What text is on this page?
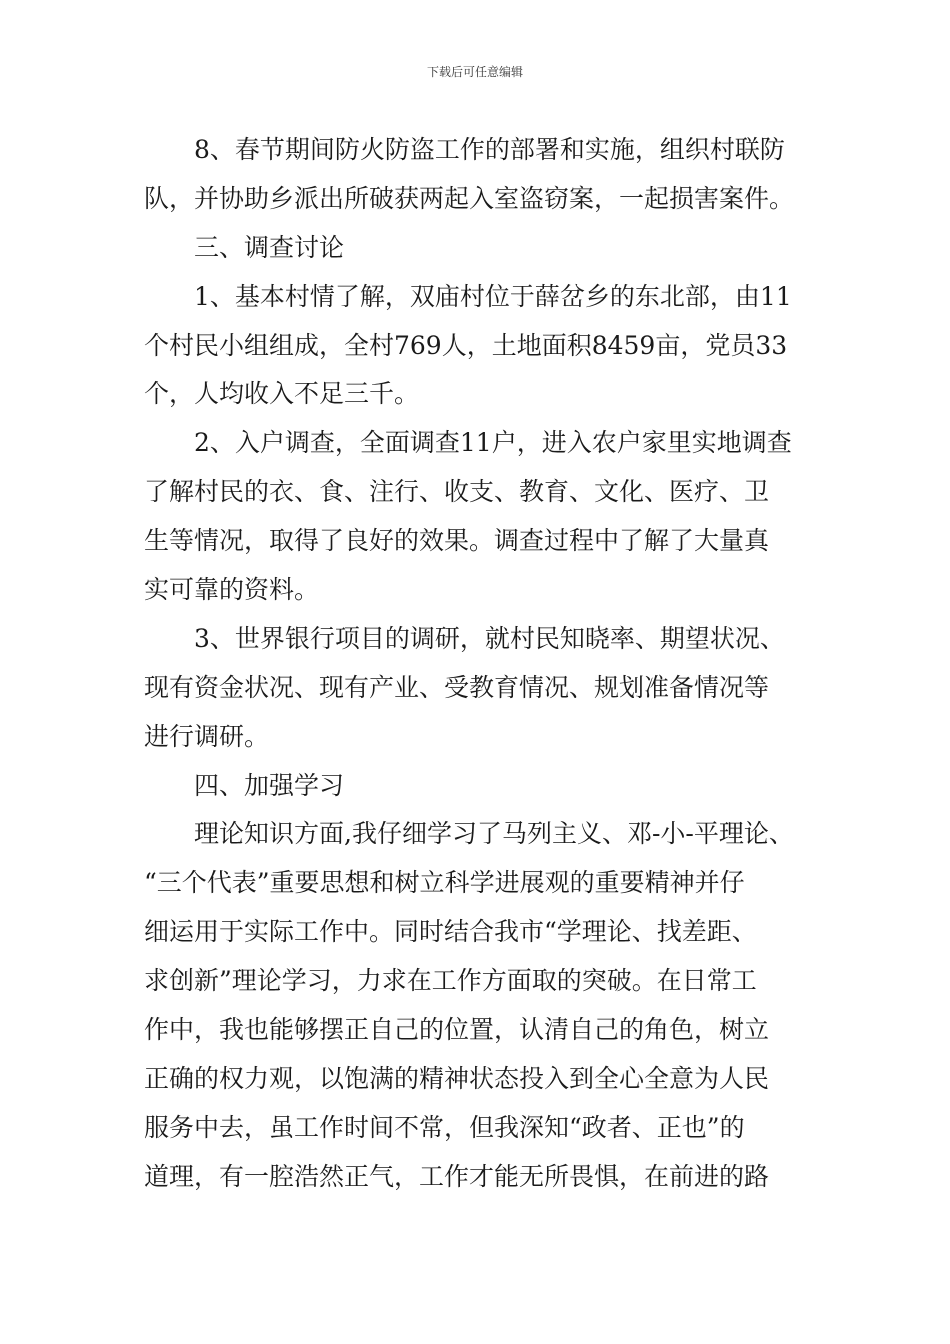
下载后可任意编辑
8、春节期间防火防盗工作的部署和实施，组织村联防
队，并协助乡派出所破获两起入室盗窃案，一起损害案件。
三、调查讨论
1、基本村情了解，双庙村位于薛岔乡的东北部，由11
个村民小组组成，全村769人，土地面积8459亩，党员33
个，人均收入不足三千。
2、入户调查，全面调查11户，进入农户家里实地调查
了解村民的衣、食、注行、收支、教育、文化、医疗、卫
生等情况，取得了良好的效果。调查过程中了解了大量真
实可靠的资料。
3、世界银行项目的调研，就村民知晓率、期望状况、
现有资金状况、现有产业、受教育情况、规划准备情况等
进行调研。
四、加强学习
理论知识方面,我仔细学习了马列主义、邓-小-平理论、
“三个代表”重要思想和树立科学进展观的重要精神并仔
细运用于实际工作中。同时结合我市“学理论、找差距、
求创新”理论学习，力求在工作方面取的突破。在日常工
作中，我也能够摆正自己的位置，认清自己的角色，树立
正确的权力观，以饱满的精神状态投入到全心全意为人民
服务中去，虽工作时间不常，但我深知“政者、正也”的
道理，有一腔浩然正气，工作才能无所畏惧，在前进的路
